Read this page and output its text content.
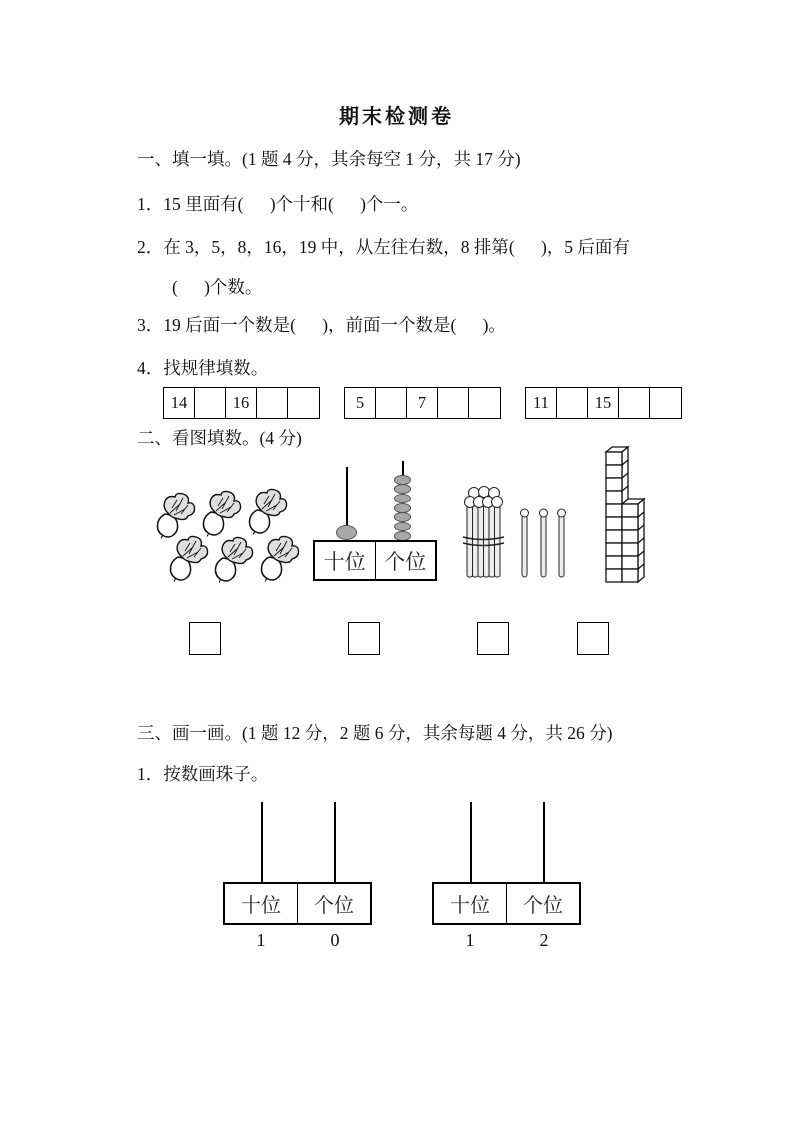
期末检测卷
一、填一填。(1 题 4 分，其余每空 1 分，共 17 分)
1．15 里面有(      )个十和(      )个一。
2．在 3，5，8，16，19 中，从左往右数，8 排第(      )，5 后面有
(      )个数。
3．19 后面一个数是(      )，前面一个数是(      )。
4．找规律填数。
14	16	5	7	11	15
二、看图填数。(4 分)
十位 个位
三、画一画。(1 题 12 分，2 题 6 分，其余每题 4 分，共 26 分)
1．按数画珠子。
十位	个位
1	0
十位	个位
1	2
